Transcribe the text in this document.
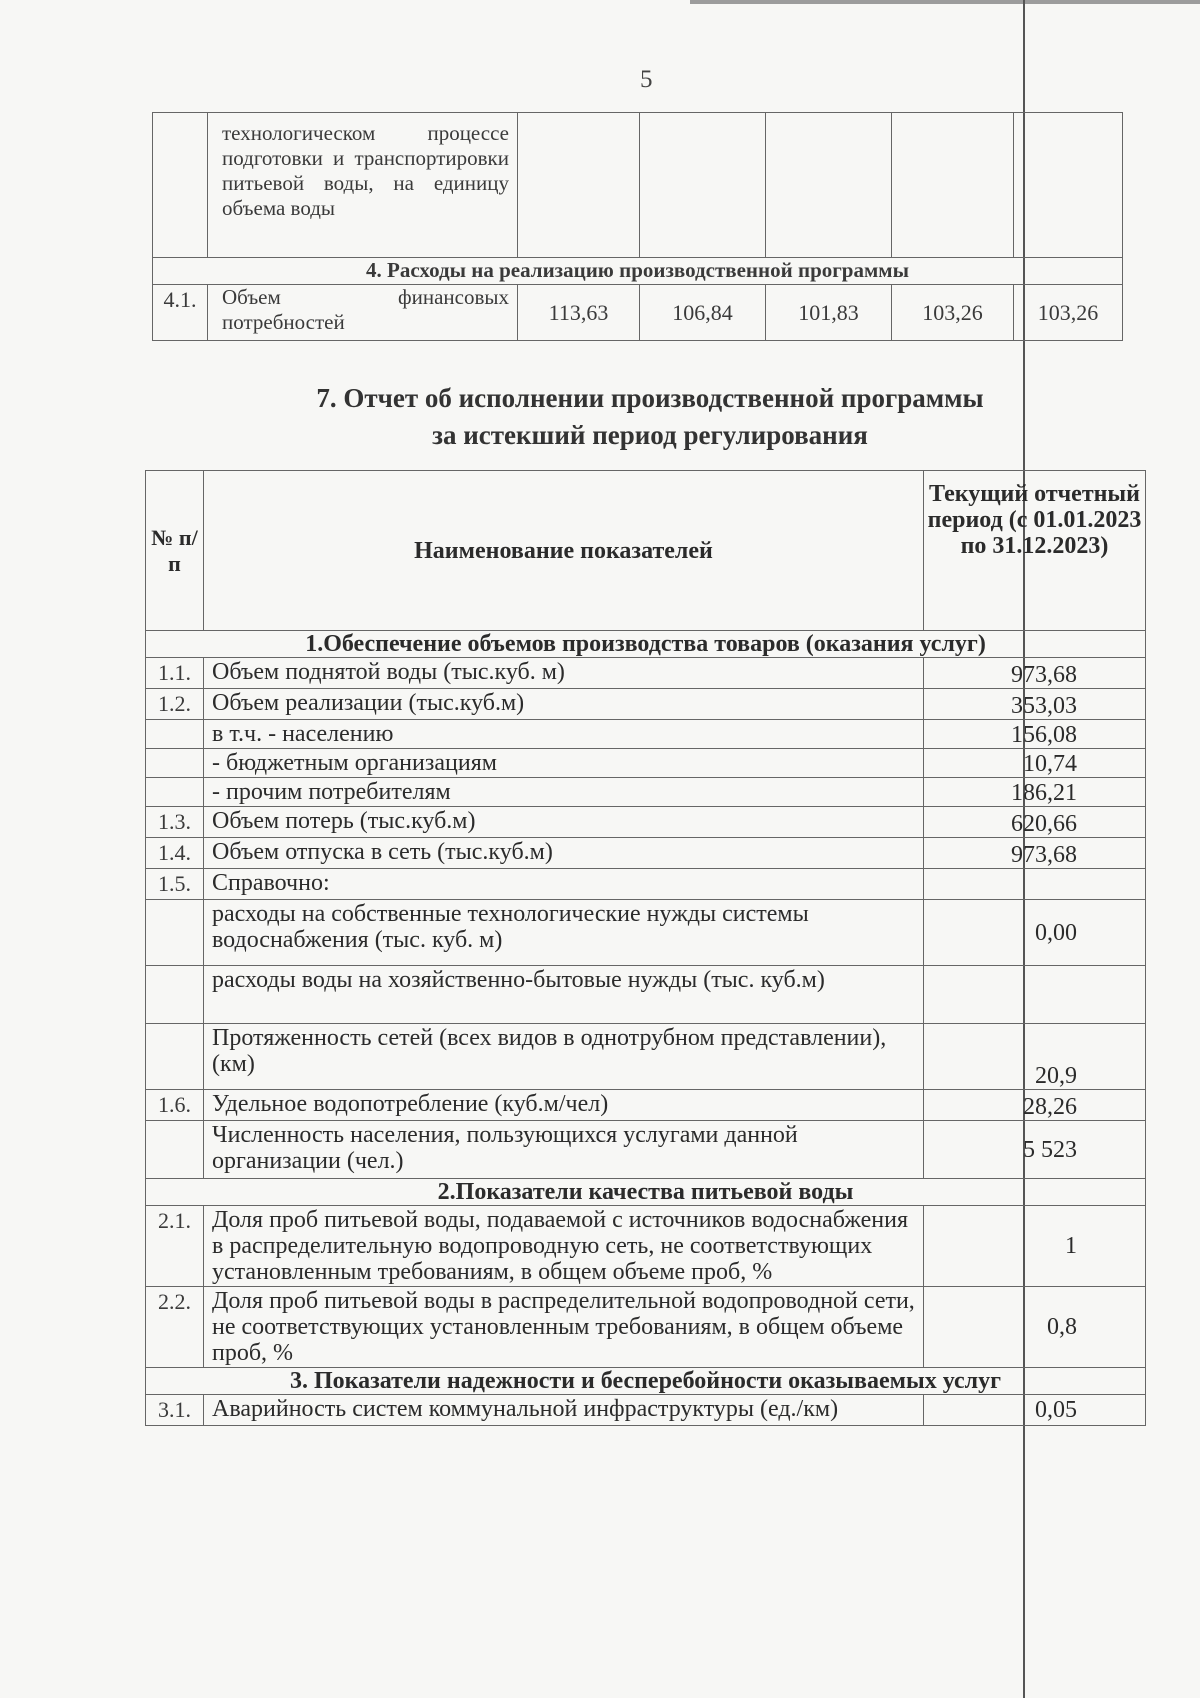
5
	технологическом процессе подготовки и транспортировки питьевой воды, на единицу объема воды					
4. Расходы на реализацию производственной программы						
4.1.	Объем финансовых потребностей	113,63	106,84	101,83	103,26	103,26
7. Отчет об исполнении производственной программы
за истекший период регулирования
№ п/п	Наименование показателей	Текущий отчетный период (с 01.01.2023 по 31.12.2023)
1.Обеспечение объемов производства товаров (оказания услуг)		
1.1.	Объем поднятой воды (тыс.куб. м)	973,68
1.2.	Объем реализации (тыс.куб.м)	353,03
	в т.ч. - населению	156,08
	- бюджетным организациям	10,74
	- прочим потребителям	186,21
1.3.	Объем потерь (тыс.куб.м)	620,66
1.4.	Объем отпуска в сеть (тыс.куб.м)	973,68
1.5.	Справочно:	
	расходы на собственные технологические нужды системы водоснабжения (тыс. куб. м)	0,00
	расходы воды на хозяйственно-бытовые нужды (тыс. куб.м)	
	Протяженность сетей (всех видов в однотрубном представлении), (км)	20,9
1.6.	Удельное водопотребление (куб.м/чел)	28,26
	Численность населения, пользующихся услугами данной организации (чел.)	5 523
2.Показатели качества питьевой воды		
2.1.	Доля проб питьевой воды, подаваемой с источников водоснабжения в распределительную водопроводную сеть, не соответствующих установленным требованиям, в общем объеме проб, %	1
2.2.	Доля проб питьевой воды в распределительной водопроводной сети, не соответствующих установленным требованиям, в общем объеме проб, %	0,8
3. Показатели надежности и бесперебойности оказываемых услуг		
3.1.	Аварийность систем коммунальной инфраструктуры (ед./км)	0,05
